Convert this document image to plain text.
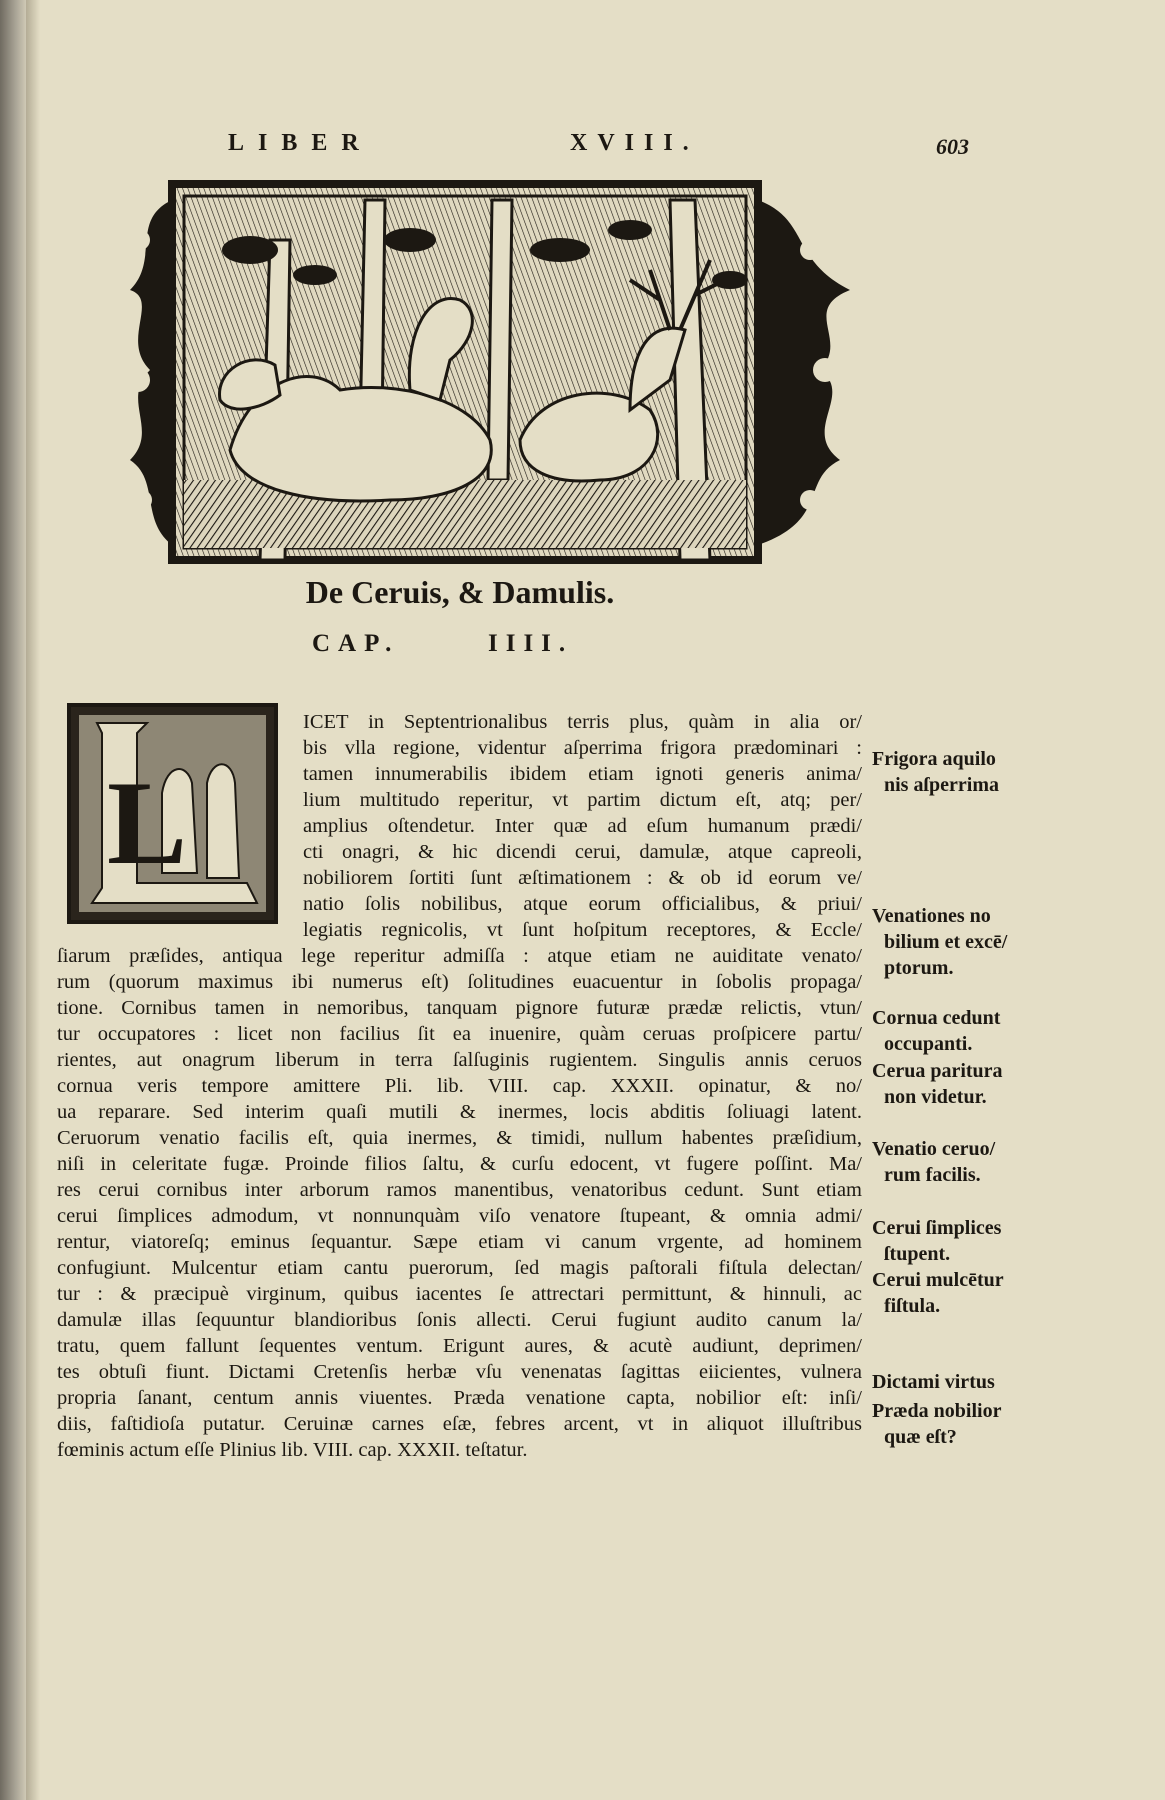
LIBER	XVIII.	603
De Ceruis, & Damulis.
CAP.	IIII.
L
ICET in Septentrionalibus terris plus, quàm in alia or/
bis vlla regione, videntur aſperrima frigora prædominari :
tamen innumerabilis ibidem etiam ignoti generis anima/
lium multitudo reperitur, vt partim dictum eſt, atq; per/
amplius oſtendetur. Inter quæ ad eſum humanum prædi/
cti onagri, & hic dicendi cerui, damulæ, atque capreoli,
nobiliorem ſortiti ſunt æſtimationem : & ob id eorum ve/
natio ſolis nobilibus, atque eorum officialibus, & priui/
legiatis regnicolis, vt ſunt hoſpitum receptores, & Eccle/
ſiarum præſides, antiqua lege reperitur admiſſa : atque etiam ne auiditate venato/
rum (quorum maximus ibi numerus eſt) ſolitudines euacuentur in ſobolis propaga/
tione. Cornibus tamen in nemoribus, tanquam pignore futuræ prædæ relictis, vtun/
tur occupatores : licet non facilius ſit ea inuenire, quàm ceruas proſpicere partu/
rientes, aut onagrum liberum in terra ſalſuginis rugientem. Singulis annis ceruos
cornua veris tempore amittere Pli. lib. VIII. cap. XXXII. opinatur, & no/
ua reparare. Sed interim quaſi mutili & inermes, locis abditis ſoliuagi latent.
Ceruorum venatio facilis eſt, quia inermes, & timidi, nullum habentes præſidium,
niſi in celeritate fugæ. Proinde filios ſaltu, & curſu edocent, vt fugere poſſint. Ma/
res cerui cornibus inter arborum ramos manentibus, venatoribus cedunt. Sunt etiam
cerui ſimplices admodum, vt nonnunquàm viſo venatore ſtupeant, & omnia admi/
rentur, viatoreſq; eminus ſequantur. Sæpe etiam vi canum vrgente, ad hominem
confugiunt. Mulcentur etiam cantu puerorum, ſed magis paſtorali fiſtula delectan/
tur : & præcipuè virginum, quibus iacentes ſe attrectari permittunt, & hinnuli, ac
damulæ illas ſequuntur blandioribus ſonis allecti. Cerui fugiunt audito canum la/
tratu, quem fallunt ſequentes ventum. Erigunt aures, & acutè audiunt, deprimen/
tes obtuſi fiunt. Dictami Cretenſis herbæ vſu venenatas ſagittas eiicientes, vulnera
propria ſanant, centum annis viuentes. Præda venatione capta, nobilior eſt: inſi/
diis, faſtidioſa putatur. Ceruinæ carnes eſæ, febres arcent, vt in aliquot illuſtribus
fœminis actum eſſe Plinius lib. VIII. cap. XXXII. teſtatur.
Frigora aquilo
nis aſperrima
Venationes no
bilium et excē/
ptorum.
Cornua cedunt
occupanti.
Cerua paritura
non videtur.
Venatio ceruo/
rum facilis.
Cerui ſimplices
ſtupent.
Cerui mulcētur
fiſtula.
Dictami virtus
Præda nobilior
quæ eſt?
